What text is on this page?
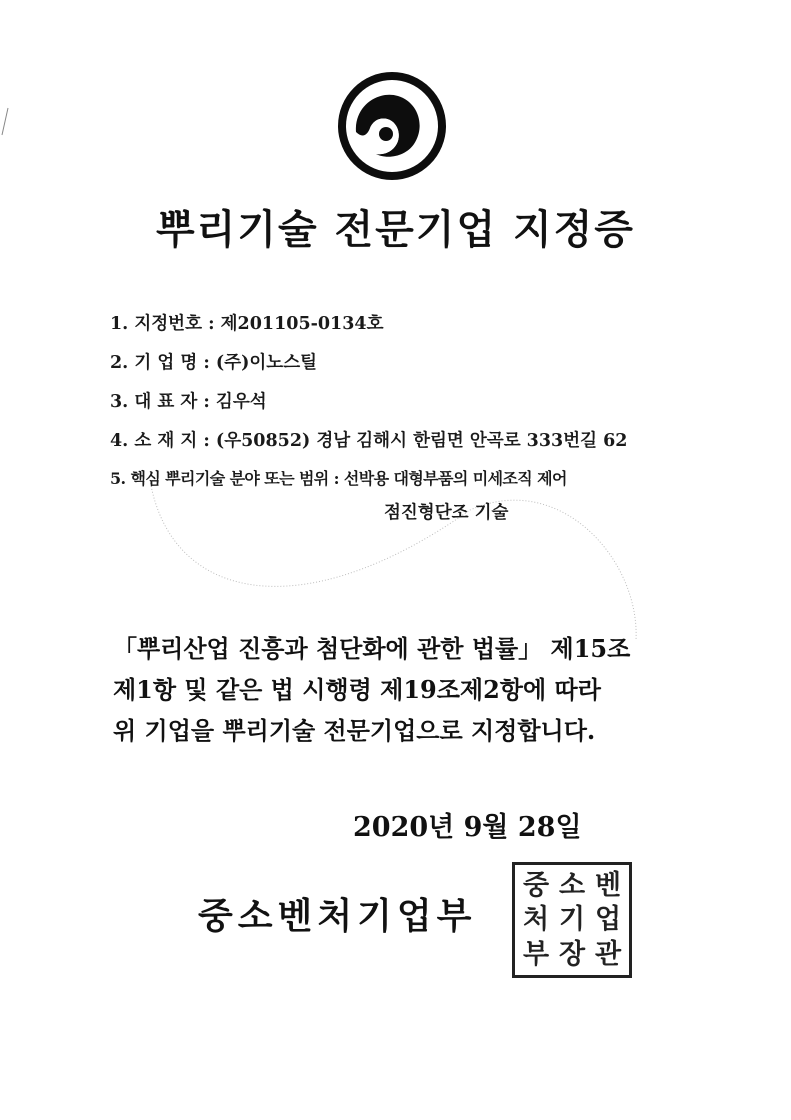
뿌리기술 전문기업 지정증
1. 지정번호 : 제201105-0134호
2. 기 업 명 : (주)이노스틸
3. 대 표 자 : 김우석
4. 소 재 지 : (우50852) 경남 김해시 한림면 안곡로 333번길 62
5. 핵심 뿌리기술 분야 또는 범위 : 선박용 대형부품의 미세조직 제어
점진형단조 기술
「뿌리산업 진흥과 첨단화에 관한 법률」 제15조
제1항 및 같은 법 시행령 제19조제2항에 따라
위 기업을 뿌리기술 전문기업으로 지정합니다.
2020년 9월 28일
중소벤처기업부
중 소 벤
처 기 업
부 장 관
